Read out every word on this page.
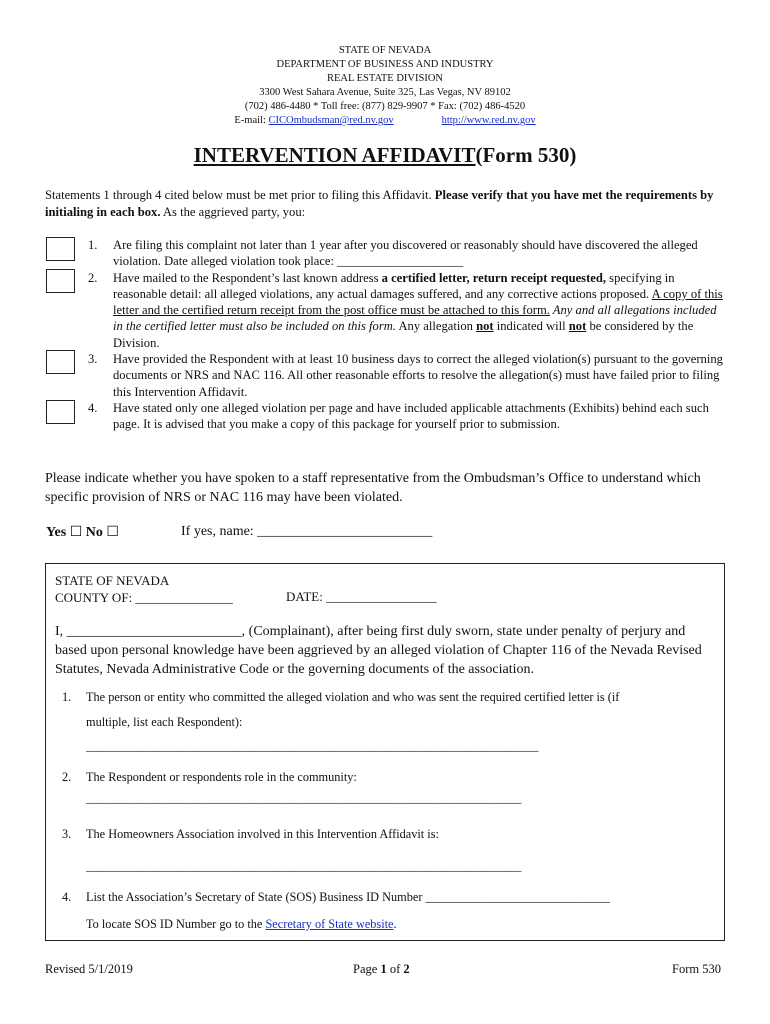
STATE OF NEVADA
DEPARTMENT OF BUSINESS AND INDUSTRY
REAL ESTATE DIVISION
3300 West Sahara Avenue, Suite 325, Las Vegas, NV 89102
(702) 486-4480 * Toll free: (877) 829-9907 * Fax: (702) 486-4520
E-mail: CICOmbudsman@red.nv.gov	http://www.red.nv.gov
INTERVENTION AFFIDAVIT(Form 530)
Statements 1 through 4 cited below must be met prior to filing this Affidavit. Please verify that you have met the requirements by initialing in each box. As the aggrieved party, you:
1.	Are filing this complaint not later than 1 year after you discovered or reasonably should have discovered the alleged violation. Date alleged violation took place: ____________________
2.	Have mailed to the Respondent’s last known address a certified letter, return receipt requested, specifying in reasonable detail: all alleged violations, any actual damages suffered, and any corrective actions proposed. A copy of this letter and the certified return receipt from the post office must be attached to this form. Any and all allegations included in the certified letter must also be included on this form. Any allegation not indicated will not be considered by the Division.
3.	Have provided the Respondent with at least 10 business days to correct the alleged violation(s) pursuant to the governing documents or NRS and NAC 116. All other reasonable efforts to resolve the allegation(s) must have failed prior to filing this Intervention Affidavit.
4.	Have stated only one alleged violation per page and have included applicable attachments (Exhibits) behind each such page. It is advised that you make a copy of this package for yourself prior to submission.
Please indicate whether you have spoken to a staff representative from the Ombudsman’s Office to understand which specific provision of NRS or NAC 116 may have been violated.
Yes ☐ No ☐	If yes, name: _________________________
STATE OF NEVADA
COUNTY OF: _______________	DATE: _________________
I, _________________________, (Complainant), after being first duly sworn, state under penalty of perjury and based upon personal knowledge have been aggrieved by an alleged violation of Chapter 116 of the Nevada Revised Statutes, Nevada Administrative Code or the governing documents of the association.
1. The person or entity who committed the alleged violation and who was sent the required certified letter is (if
multiple, list each Respondent):
________________________________________________________________________________
2. The Respondent or respondents role in the community:
_____________________________________________________________________________
3. The Homeowners Association involved in this Intervention Affidavit is:
_____________________________________________________________________________
4. List the Association’s Secretary of State (SOS) Business ID Number ______________________________
To locate SOS ID Number go to the Secretary of State website.
Revised 5/1/2019	Page 1 of 2	Form 530
